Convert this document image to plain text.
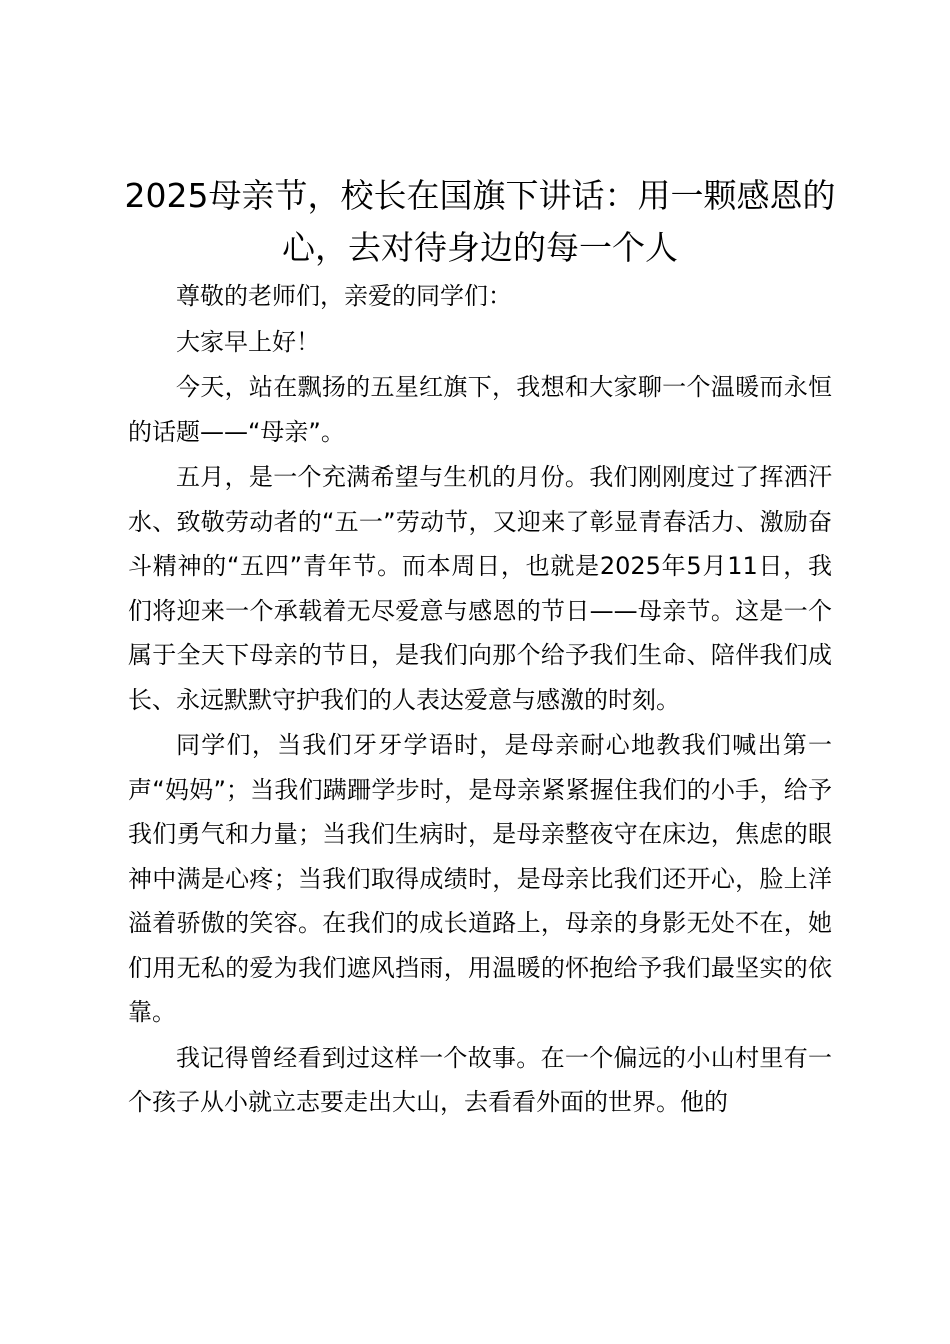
2025母亲节，校长在国旗下讲话：用一颗感恩的心，去对待身边的每一个人

尊敬的老师们，亲爱的同学们：

大家早上好！

今天，站在飘扬的五星红旗下，我想和大家聊一个温暖而永恒的话题——“母亲”。

五月，是一个充满希望与生机的月份。我们刚刚度过了挥洒汗水、致敬劳动者的“五一”劳动节，又迎来了彰显青春活力、激励奋斗精神的“五四”青年节。而本周日，也就是2025年5月11日，我们将迎来一个承载着无尽爱意与感恩的节日——母亲节。这是一个属于全天下母亲的节日，是我们向那个给予我们生命、陪伴我们成长、永远默默守护我们的人表达爱意与感激的时刻。

同学们，当我们牙牙学语时，是母亲耐心地教我们喊出第一声“妈妈”；当我们蹒跚学步时，是母亲紧紧握住我们的小手，给予我们勇气和力量；当我们生病时，是母亲整夜守在床边，焦虑的眼神中满是心疼；当我们取得成绩时，是母亲比我们还开心，脸上洋溢着骄傲的笑容。在我们的成长道路上，母亲的身影无处不在，她们用无私的爱为我们遮风挡雨，用温暖的怀抱给予我们最坚实的依靠。

我记得曾经看到过这样一个故事。在一个偏远的小山村里有一个孩子从小就立志要走出大山，去看看外面的世界。他的
